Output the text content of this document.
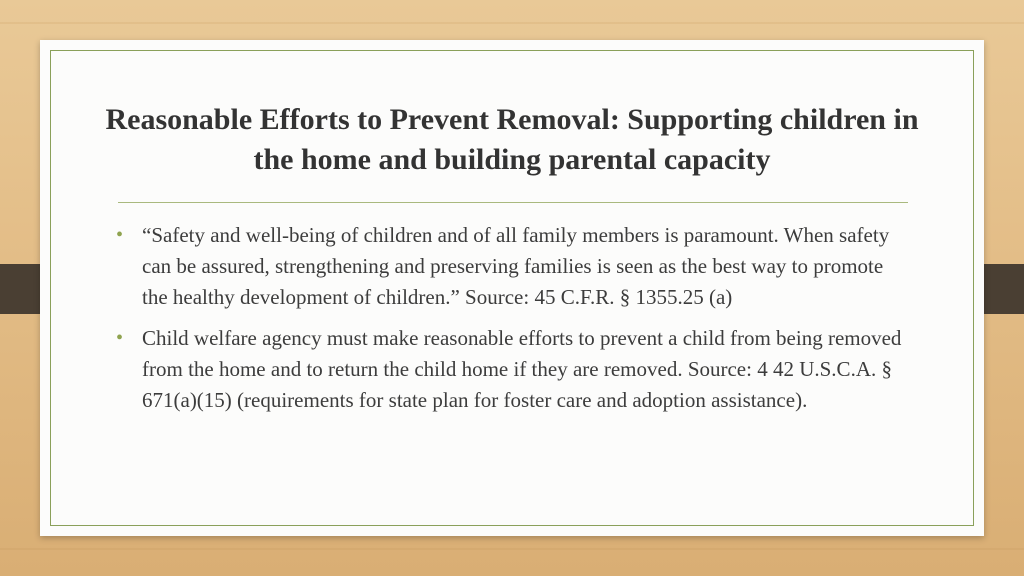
Reasonable Efforts to Prevent Removal: Supporting children in the home and building parental capacity
• “Safety and well-being of children and of all family members is paramount. When safety can be assured, strengthening and preserving families is seen as the best way to promote the healthy development of children.” Source: 45 C.F.R. § 1355.25 (a)
• Child welfare agency must make reasonable efforts to prevent a child from being removed from the home and to return the child home if they are removed. Source: 4 42 U.S.C.A. § 671(a)(15) (requirements for state plan for foster care and adoption assistance).
